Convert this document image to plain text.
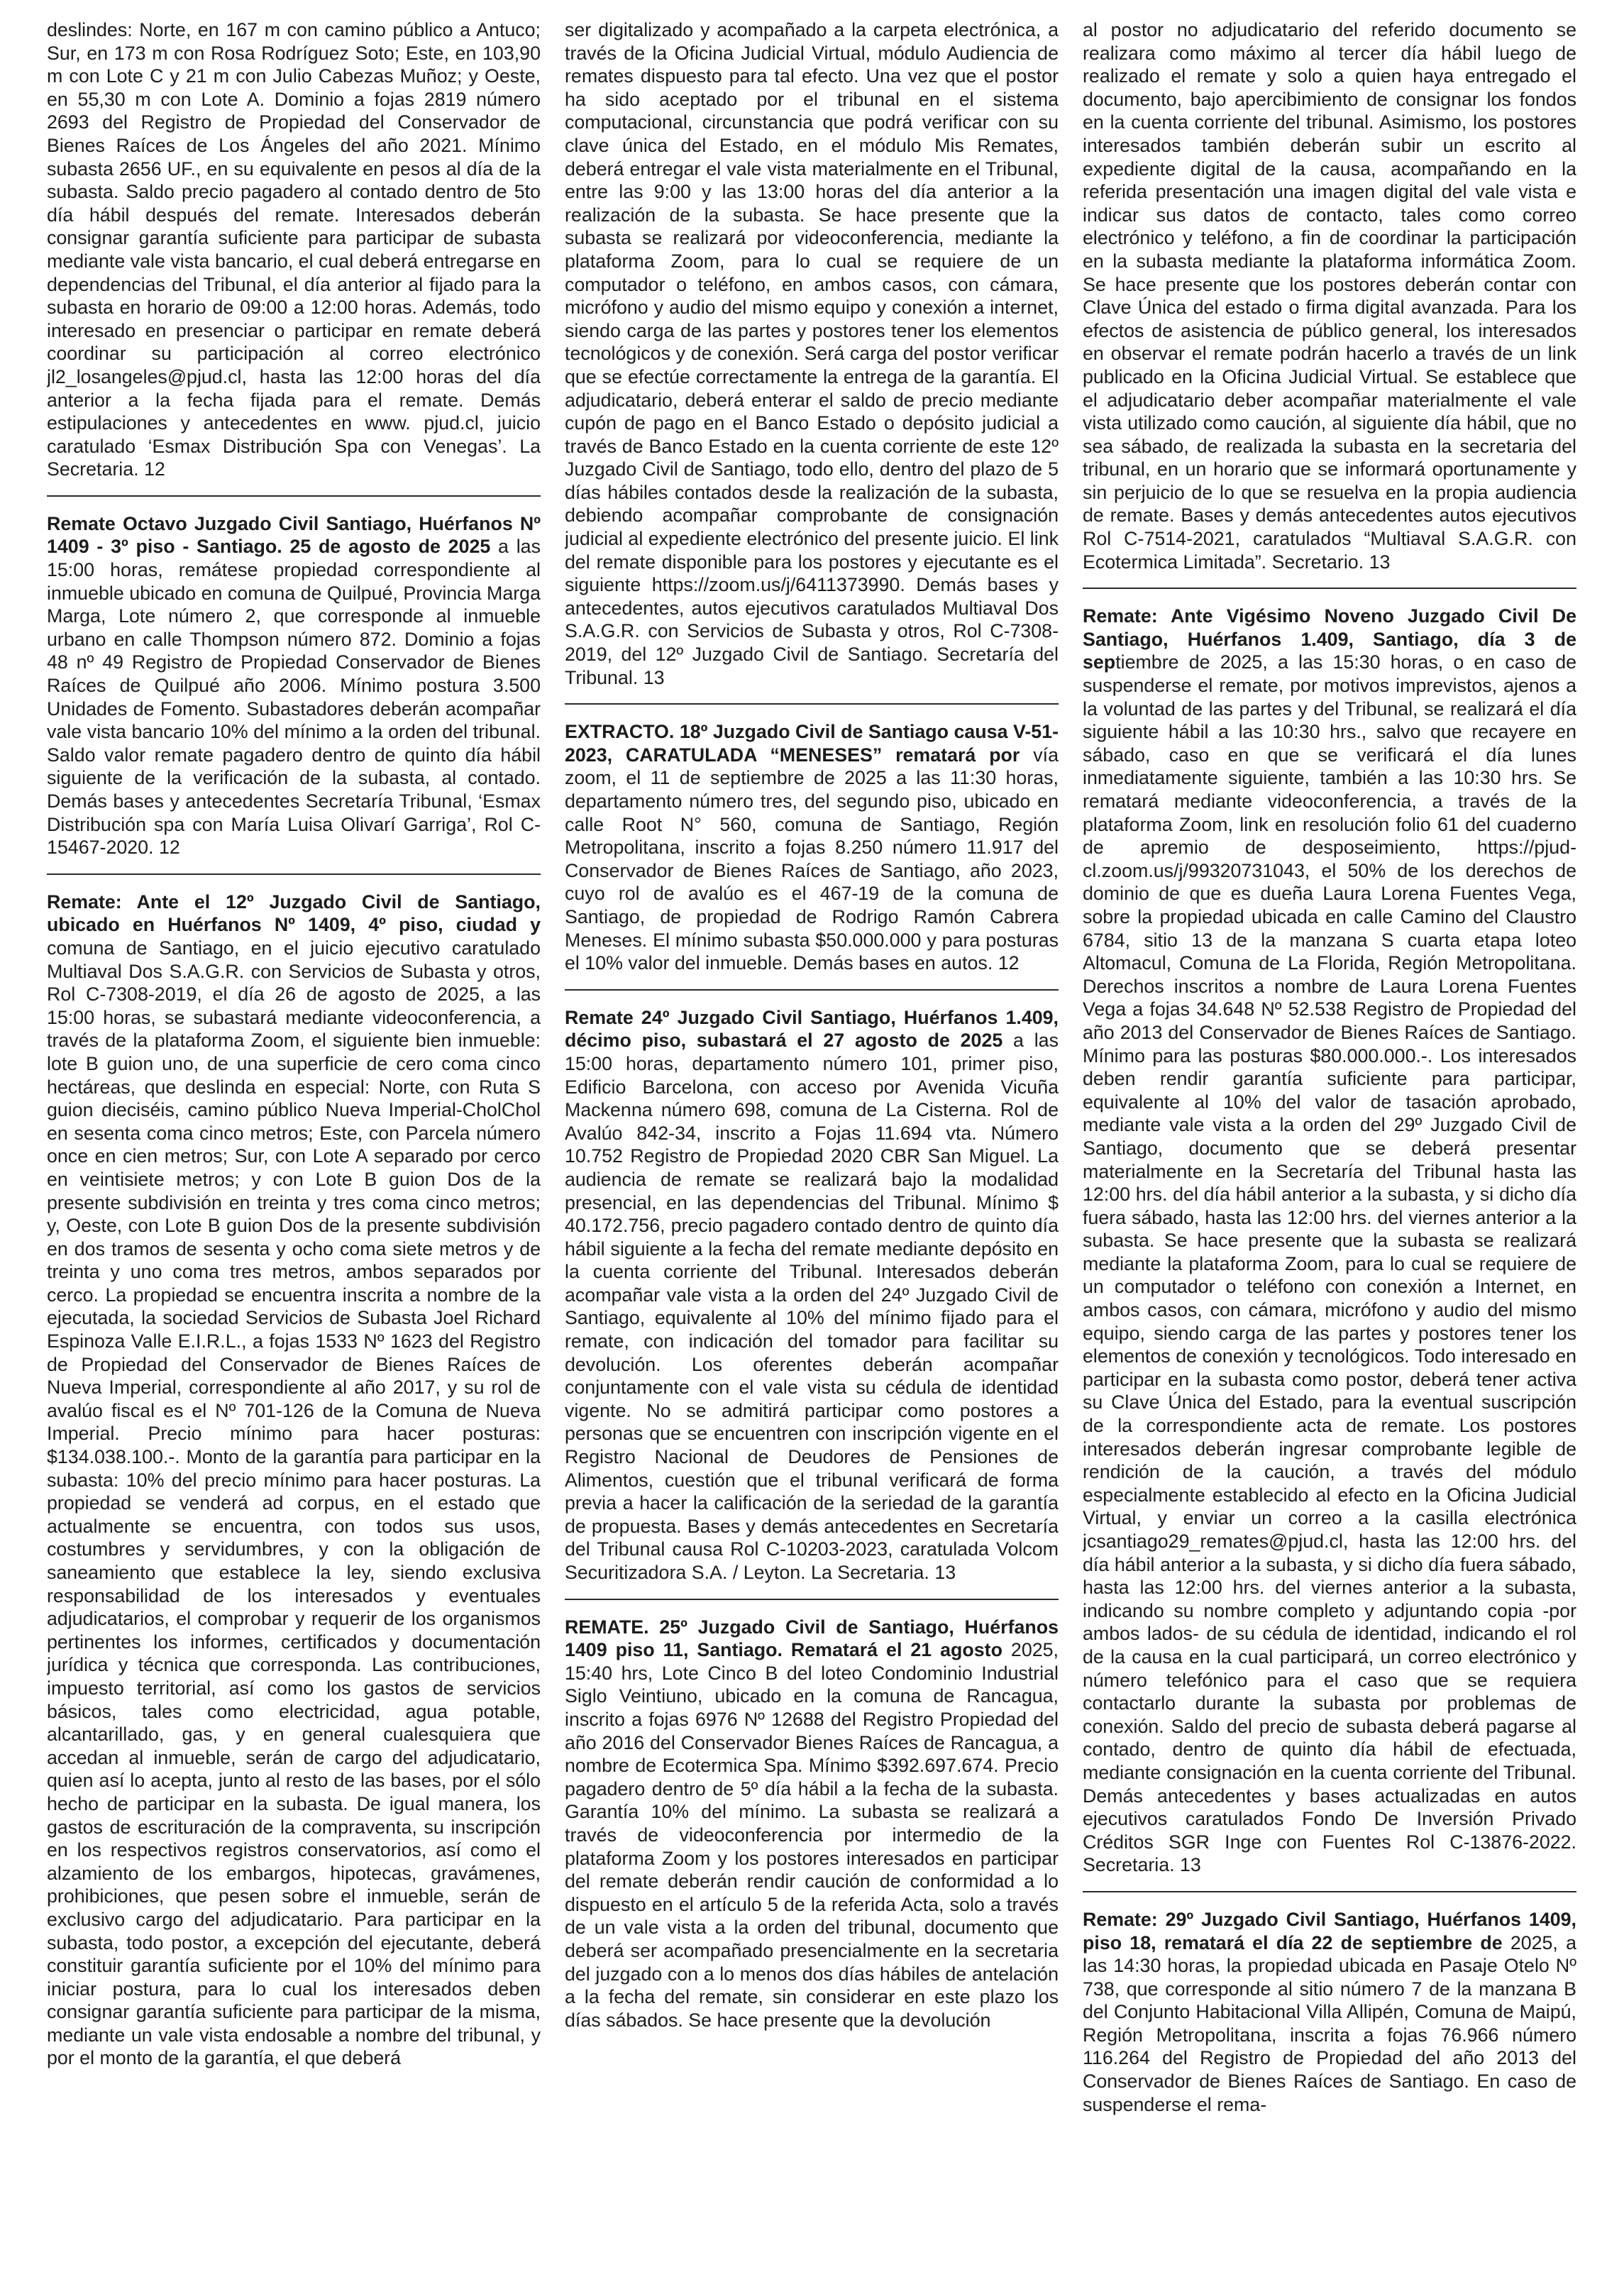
deslindes: Norte, en 167 m con camino público a Antuco; Sur, en 173 m con Rosa Rodríguez Soto; Este, en 103,90 m con Lote C y 21 m con Julio Cabezas Muñoz; y Oeste, en 55,30 m con Lote A. Dominio a fojas 2819 número 2693 del Registro de Propiedad del Conservador de Bienes Raíces de Los Ángeles del año 2021. Mínimo subasta 2656 UF., en su equivalente en pesos al día de la subasta. Saldo precio pagadero al contado dentro de 5to día hábil después del remate. Interesados deberán consignar garantía suficiente para participar de subasta mediante vale vista bancario, el cual deberá entregarse en dependencias del Tribunal, el día anterior al fijado para la subasta en horario de 09:00 a 12:00 horas. Además, todo interesado en presenciar o participar en remate deberá coordinar su participación al correo electrónico jl2_losangeles@pjud.cl, hasta las 12:00 horas del día anterior a la fecha fijada para el remate. Demás estipulaciones y antecedentes en www. pjud.cl, juicio caratulado ‘Esmax Distribución Spa con Venegas’. La Secretaria. 12

Remate Octavo Juzgado Civil Santiago, Huérfanos Nº 1409 - 3º piso - Santiago. 25 de agosto de 2025 a las 15:00 horas, remátese propiedad correspondiente al inmueble ubicado en comuna de Quilpué, Provincia Marga Marga, Lote número 2, que corresponde al inmueble urbano en calle Thompson número 872. Dominio a fojas 48 nº 49 Registro de Propiedad Conservador de Bienes Raíces de Quilpué año 2006. Mínimo postura 3.500 Unidades de Fomento. Subastadores deberán acompañar vale vista bancario 10% del mínimo a la orden del tribunal. Saldo valor remate pagadero dentro de quinto día hábil siguiente de la verificación de la subasta, al contado. Demás bases y antecedentes Secretaría Tribunal, ‘Esmax Distribución spa con María Luisa Olivarí Garriga’, Rol C-15467-2020. 12

Remate: Ante el 12º Juzgado Civil de Santiago, ubicado en Huérfanos Nº 1409, 4º piso, ciudad y comuna de Santiago, en el juicio ejecutivo caratulado Multiaval Dos S.A.G.R. con Servicios de Subasta y otros, Rol C-7308-2019, el día 26 de agosto de 2025, a las 15:00 horas, se subastará mediante videoconferencia, a través de la plataforma Zoom, el siguiente bien inmueble: lote B guion uno, de una superficie de cero coma cinco hectáreas, que deslinda en especial: Norte, con Ruta S guion dieciséis, camino público Nueva Imperial-CholChol en sesenta coma cinco metros; Este, con Parcela número once en cien metros; Sur, con Lote A separado por cerco en veintisiete metros; y con Lote B guion Dos de la presente subdivisión en treinta y tres coma cinco metros; y, Oeste, con Lote B guion Dos de la presente subdivisión en dos tramos de sesenta y ocho coma siete metros y de treinta y uno coma tres metros, ambos separados por cerco. La propiedad se encuentra inscrita a nombre de la ejecutada, la sociedad Servicios de Subasta Joel Richard Espinoza Valle E.I.R.L., a fojas 1533 Nº 1623 del Registro de Propiedad del Conservador de Bienes Raíces de Nueva Imperial, correspondiente al año 2017, y su rol de avalúo fiscal es el Nº 701-126 de la Comuna de Nueva Imperial. Precio mínimo para hacer posturas: $134.038.100.-. Monto de la garantía para participar en la subasta: 10% del precio mínimo para hacer posturas. La propiedad se venderá ad corpus, en el estado que actualmente se encuentra, con todos sus usos, costumbres y servidumbres, y con la obligación de saneamiento que establece la ley, siendo exclusiva responsabilidad de los interesados y eventuales adjudicatarios, el comprobar y requerir de los organismos pertinentes los informes, certificados y documentación jurídica y técnica que corresponda. Las contribuciones, impuesto territorial, así como los gastos de servicios básicos, tales como electricidad, agua potable, alcantarillado, gas, y en general cualesquiera que accedan al inmueble, serán de cargo del adjudicatario, quien así lo acepta, junto al resto de las bases, por el sólo hecho de participar en la subasta. De igual manera, los gastos de escrituración de la compraventa, su inscripción en los respectivos registros conservatorios, así como el alzamiento de los embargos, hipotecas, gravámenes, prohibiciones, que pesen sobre el inmueble, serán de exclusivo cargo del adjudicatario. Para participar en la subasta, todo postor, a excepción del ejecutante, deberá constituir garantía suficiente por el 10% del mínimo para iniciar postura, para lo cual los interesados deben consignar garantía suficiente para participar de la misma, mediante un vale vista endosable a nombre del tribunal, y por el monto de la garantía, el que deberá

ser digitalizado y acompañado a la carpeta electrónica, a través de la Oficina Judicial Virtual, módulo Audiencia de remates dispuesto para tal efecto. Una vez que el postor ha sido aceptado por el tribunal en el sistema computacional, circunstancia que podrá verificar con su clave única del Estado, en el módulo Mis Remates, deberá entregar el vale vista materialmente en el Tribunal, entre las 9:00 y las 13:00 horas del día anterior a la realización de la subasta. Se hace presente que la subasta se realizará por videoconferencia, mediante la plataforma Zoom, para lo cual se requiere de un computador o teléfono, en ambos casos, con cámara, micrófono y audio del mismo equipo y conexión a internet, siendo carga de las partes y postores tener los elementos tecnológicos y de conexión. Será carga del postor verificar que se efectúe correctamente la entrega de la garantía. El adjudicatario, deberá enterar el saldo de precio mediante cupón de pago en el Banco Estado o depósito judicial a través de Banco Estado en la cuenta corriente de este 12º Juzgado Civil de Santiago, todo ello, dentro del plazo de 5 días hábiles contados desde la realización de la subasta, debiendo acompañar comprobante de consignación judicial al expediente electrónico del presente juicio. El link del remate disponible para los postores y ejecutante es el siguiente https://zoom.us/j/6411373990. Demás bases y antecedentes, autos ejecutivos caratulados Multiaval Dos S.A.G.R. con Servicios de Subasta y otros, Rol C-7308-2019, del 12º Juzgado Civil de Santiago. Secretaría del Tribunal. 13

EXTRACTO. 18º Juzgado Civil de Santiago causa V-51-2023, CARATULADA “MENESES” rematará por vía zoom, el 11 de septiembre de 2025 a las 11:30 horas, departamento número tres, del segundo piso, ubicado en calle Root N° 560, comuna de Santiago, Región Metropolitana, inscrito a fojas 8.250 número 11.917 del Conservador de Bienes Raíces de Santiago, año 2023, cuyo rol de avalúo es el 467-19 de la comuna de Santiago, de propiedad de Rodrigo Ramón Cabrera Meneses. El mínimo subasta $50.000.000 y para posturas el 10% valor del inmueble. Demás bases en autos. 12

Remate 24º Juzgado Civil Santiago, Huérfanos 1.409, décimo piso, subastará el 27 agosto de 2025 a las 15:00 horas, departamento número 101, primer piso, Edificio Barcelona, con acceso por Avenida Vicuña Mackenna número 698, comuna de La Cisterna. Rol de Avalúo 842-34, inscrito a Fojas 11.694 vta. Número 10.752 Registro de Propiedad 2020 CBR San Miguel. La audiencia de remate se realizará bajo la modalidad presencial, en las dependencias del Tribunal. Mínimo $ 40.172.756, precio pagadero contado dentro de quinto día hábil siguiente a la fecha del remate mediante depósito en la cuenta corriente del Tribunal. Interesados deberán acompañar vale vista a la orden del 24º Juzgado Civil de Santiago, equivalente al 10% del mínimo fijado para el remate, con indicación del tomador para facilitar su devolución. Los oferentes deberán acompañar conjuntamente con el vale vista su cédula de identidad vigente. No se admitirá participar como postores a personas que se encuentren con inscripción vigente en el Registro Nacional de Deudores de Pensiones de Alimentos, cuestión que el tribunal verificará de forma previa a hacer la calificación de la seriedad de la garantía de propuesta. Bases y demás antecedentes en Secretaría del Tribunal causa Rol C-10203-2023, caratulada Volcom Securitizadora S.A. / Leyton. La Secretaria. 13

REMATE. 25º Juzgado Civil de Santiago, Huérfanos 1409 piso 11, Santiago. Rematará el 21 agosto 2025, 15:40 hrs, Lote Cinco B del loteo Condominio Industrial Siglo Veintiuno, ubicado en la comuna de Rancagua, inscrito a fojas 6976 Nº 12688 del Registro Propiedad del año 2016 del Conservador Bienes Raíces de Rancagua, a nombre de Ecotermica Spa. Mínimo $392.697.674. Precio pagadero dentro de 5º día hábil a la fecha de la subasta. Garantía 10% del mínimo. La subasta se realizará a través de videoconferencia por intermedio de la plataforma Zoom y los postores interesados en participar del remate deberán rendir caución de conformidad a lo dispuesto en el artículo 5 de la referida Acta, solo a través de un vale vista a la orden del tribunal, documento que deberá ser acompañado presencialmente en la secretaria del juzgado con a lo menos dos días hábiles de antelación a la fecha del remate, sin considerar en este plazo los días sábados. Se hace presente que la devolución

al postor no adjudicatario del referido documento se realizara como máximo al tercer día hábil luego de realizado el remate y solo a quien haya entregado el documento, bajo apercibimiento de consignar los fondos en la cuenta corriente del tribunal. Asimismo, los postores interesados también deberán subir un escrito al expediente digital de la causa, acompañando en la referida presentación una imagen digital del vale vista e indicar sus datos de contacto, tales como correo electrónico y teléfono, a fin de coordinar la participación en la subasta mediante la plataforma informática Zoom. Se hace presente que los postores deberán contar con Clave Única del estado o firma digital avanzada. Para los efectos de asistencia de público general, los interesados en observar el remate podrán hacerlo a través de un link publicado en la Oficina Judicial Virtual. Se establece que el adjudicatario deber acompañar materialmente el vale vista utilizado como caución, al siguiente día hábil, que no sea sábado, de realizada la subasta en la secretaria del tribunal, en un horario que se informará oportunamente y sin perjuicio de lo que se resuelva en la propia audiencia de remate. Bases y demás antecedentes autos ejecutivos Rol C-7514-2021, caratulados “Multiaval S.A.G.R. con Ecotermica Limitada”. Secretario. 13

Remate: Ante Vigésimo Noveno Juzgado Civil De Santiago, Huérfanos 1.409, Santiago, día 3 de septiembre de 2025, a las 15:30 horas, o en caso de suspenderse el remate, por motivos imprevistos, ajenos a la voluntad de las partes y del Tribunal, se realizará el día siguiente hábil a las 10:30 hrs., salvo que recayere en sábado, caso en que se verificará el día lunes inmediatamente siguiente, también a las 10:30 hrs. Se rematará mediante videoconferencia, a través de la plataforma Zoom, link en resolución folio 61 del cuaderno de apremio de desposeimiento, https://pjud-cl.zoom.us/j/99320731043, el 50% de los derechos de dominio de que es dueña Laura Lorena Fuentes Vega, sobre la propiedad ubicada en calle Camino del Claustro 6784, sitio 13 de la manzana S cuarta etapa loteo Altomacul, Comuna de La Florida, Región Metropolitana. Derechos inscritos a nombre de Laura Lorena Fuentes Vega a fojas 34.648 Nº 52.538 Registro de Propiedad del año 2013 del Conservador de Bienes Raíces de Santiago. Mínimo para las posturas $80.000.000.-. Los interesados deben rendir garantía suficiente para participar, equivalente al 10% del valor de tasación aprobado, mediante vale vista a la orden del 29º Juzgado Civil de Santiago, documento que se deberá presentar materialmente en la Secretaría del Tribunal hasta las 12:00 hrs. del día hábil anterior a la subasta, y si dicho día fuera sábado, hasta las 12:00 hrs. del viernes anterior a la subasta. Se hace presente que la subasta se realizará mediante la plataforma Zoom, para lo cual se requiere de un computador o teléfono con conexión a Internet, en ambos casos, con cámara, micrófono y audio del mismo equipo, siendo carga de las partes y postores tener los elementos de conexión y tecnológicos. Todo interesado en participar en la subasta como postor, deberá tener activa su Clave Única del Estado, para la eventual suscripción de la correspondiente acta de remate. Los postores interesados deberán ingresar comprobante legible de rendición de la caución, a través del módulo especialmente establecido al efecto en la Oficina Judicial Virtual, y enviar un correo a la casilla electrónica jcsantiago29_remates@pjud.cl, hasta las 12:00 hrs. del día hábil anterior a la subasta, y si dicho día fuera sábado, hasta las 12:00 hrs. del viernes anterior a la subasta, indicando su nombre completo y adjuntando copia -por ambos lados- de su cédula de identidad, indicando el rol de la causa en la cual participará, un correo electrónico y número telefónico para el caso que se requiera contactarlo durante la subasta por problemas de conexión. Saldo del precio de subasta deberá pagarse al contado, dentro de quinto día hábil de efectuada, mediante consignación en la cuenta corriente del Tribunal. Demás antecedentes y bases actualizadas en autos ejecutivos caratulados Fondo De Inversión Privado Créditos SGR Inge con Fuentes Rol C-13876-2022. Secretaria. 13

Remate: 29º Juzgado Civil Santiago, Huérfanos 1409, piso 18, rematará el día 22 de septiembre de 2025, a las 14:30 horas, la propiedad ubicada en Pasaje Otelo Nº 738, que corresponde al sitio número 7 de la manzana B del Conjunto Habitacional Villa Allipén, Comuna de Maipú, Región Metropolitana, inscrita a fojas 76.966 número 116.264 del Registro de Propiedad del año 2013 del Conservador de Bienes Raíces de Santiago. En caso de suspenderse el rema-
